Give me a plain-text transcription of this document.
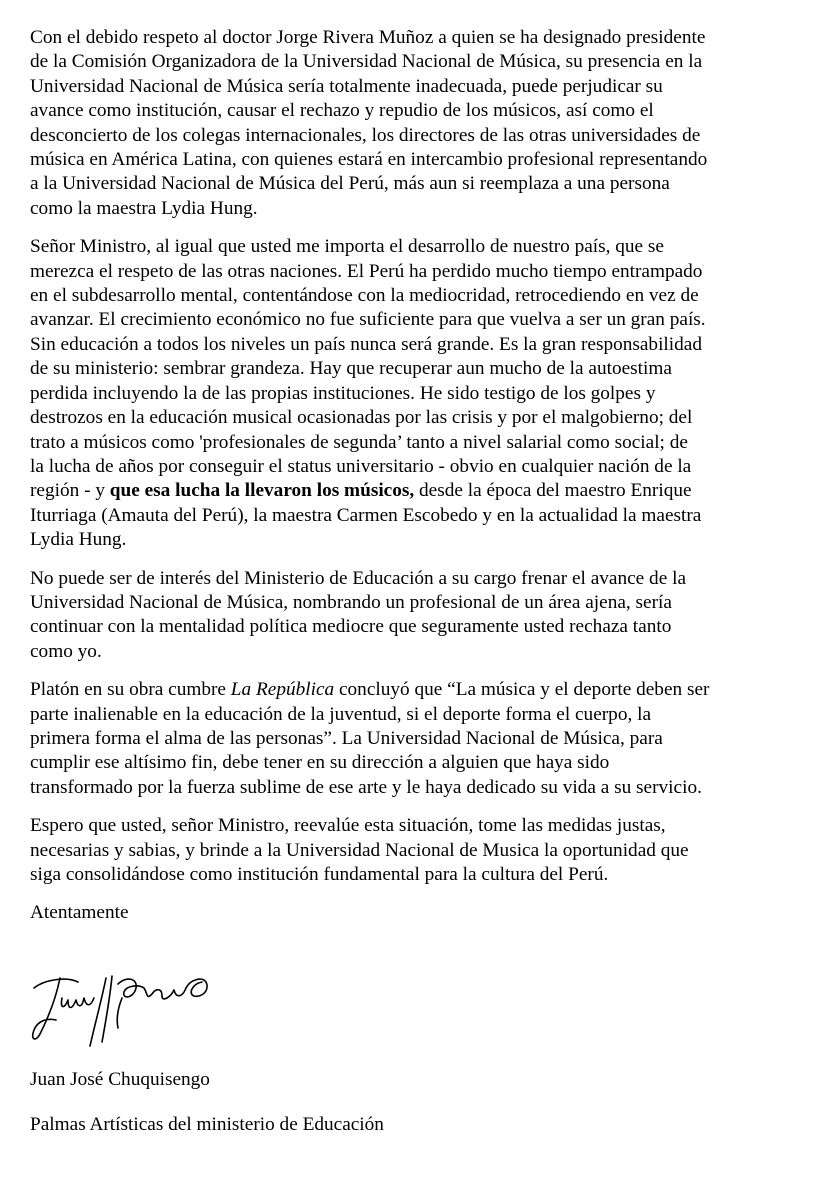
Con el debido respeto al doctor Jorge Rivera Muñoz a quien se ha designado presidente
de la Comisión Organizadora de la Universidad Nacional de Música, su presencia en la
Universidad Nacional de Música sería totalmente inadecuada, puede perjudicar su
avance como institución, causar el rechazo y repudio de los músicos, así como el
desconcierto de los colegas internacionales, los directores de las otras universidades de
música en América Latina, con quienes estará en intercambio profesional representando
a la Universidad Nacional de Música del Perú, más aun si reemplaza a una persona
como la maestra Lydia Hung.

Señor Ministro, al igual que usted me importa el desarrollo de nuestro país, que se
merezca el respeto de las otras naciones. El Perú ha perdido mucho tiempo entrampado
en el subdesarrollo mental, contentándose con la mediocridad, retrocediendo en vez de
avanzar. El crecimiento económico no fue suficiente para que vuelva a ser un gran país.
Sin educación a todos los niveles un país nunca será grande. Es la gran responsabilidad
de su ministerio: sembrar grandeza. Hay que recuperar aun mucho de la autoestima
perdida incluyendo la de las propias instituciones. He sido testigo de los golpes y
destrozos en la educación musical ocasionadas por las crisis y por el malgobierno; del
trato a músicos como 'profesionales de segunda’ tanto a nivel salarial como social; de
la lucha de años por conseguir el status universitario - obvio en cualquier nación de la
región - y que esa lucha la llevaron los músicos, desde la época del maestro Enrique
Iturriaga (Amauta del Perú), la maestra Carmen Escobedo y en la actualidad la maestra
Lydia Hung.

No puede ser de interés del Ministerio de Educación a su cargo frenar el avance de la
Universidad Nacional de Música, nombrando un profesional de un área ajena, sería
continuar con la mentalidad política mediocre que seguramente usted rechaza tanto
como yo.

Platón en su obra cumbre La República concluyó que “La música y el deporte deben ser
parte inalienable en la educación de la juventud, si el deporte forma el cuerpo, la
primera forma el alma de las personas”. La Universidad Nacional de Música, para
cumplir ese altísimo fin, debe tener en su dirección a alguien que haya sido
transformado por la fuerza sublime de ese arte y le haya dedicado su vida a su servicio.

Espero que usted, señor Ministro, reevalúe esta situación, tome las medidas justas,
necesarias y sabias, y brinde a la Universidad Nacional de Musica la oportunidad que
siga consolidándose como institución fundamental para la cultura del Perú.

Atentamente

Juan José Chuquisengo

Palmas Artísticas del ministerio de Educación
